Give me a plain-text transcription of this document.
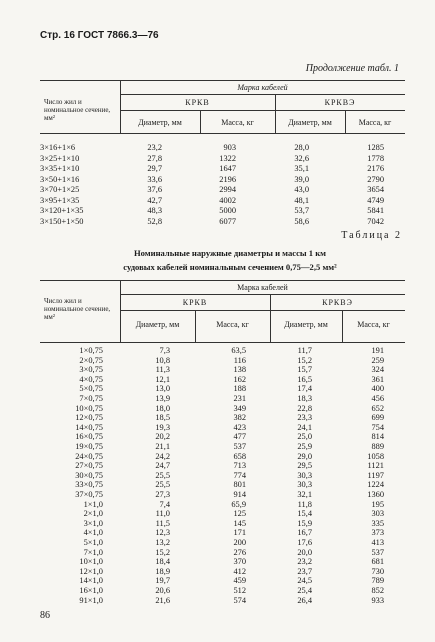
Стр. 16 ГОСТ 7866.3—76
Продолжение табл. 1
Число жил и номинальное сечение, мм²
Марка кабелей
КРКВ	КРКВЭ
Диаметр, мм	Масса, кг	Диаметр, мм	Масса, кг
3×16+1×6	23,2	903	28,0	1285
3×25+1×10	27,8	1322	32,6	1778
3×35+1×10	29,7	1647	35,1	2176
3×50+1×16	33,6	2196	39,0	2790
3×70+1×25	37,6	2994	43,0	3654
3×95+1×35	42,7	4002	48,1	4749
3×120+1×35	48,3	5000	53,7	5841
3×150+1×50	52,8	6077	58,6	7042
Таблица 2
Номинальные наружные диаметры и массы 1 км
судовых кабелей номинальным сечением 0,75—2,5 мм²
Число жил и номинальное сечение, мм²
Марка кабелей
КРКВ	КРКВЭ
Диаметр, мм	Масса, кг	Диаметр, мм	Масса, кг
1×0,75	7,3	63,5	11,7	191
2×0,75	10,8	116	15,2	259
3×0,75	11,3	138	15,7	324
4×0,75	12,1	162	16,5	361
5×0,75	13,0	188	17,4	400
7×0,75	13,9	231	18,3	456
10×0,75	18,0	349	22,8	652
12×0,75	18,5	382	23,3	699
14×0,75	19,3	423	24,1	754
16×0,75	20,2	477	25,0	814
19×0,75	21,1	537	25,9	889
24×0,75	24,2	658	29,0	1058
27×0,75	24,7	713	29,5	1121
30×0,75	25,5	774	30,3	1197
33×0,75	25,5	801	30,3	1224
37×0,75	27,3	914	32,1	1360
1×1,0	7,4	65,9	11,8	195
2×1,0	11,0	125	15,4	303
3×1,0	11,5	145	15,9	335
4×1,0	12,3	171	16,7	373
5×1,0	13,2	200	17,6	413
7×1,0	15,2	276	20,0	537
10×1,0	18,4	370	23,2	681
12×1,0	18,9	412	23,7	730
14×1,0	19,7	459	24,5	789
16×1,0	20,6	512	25,4	852
91×1,0	21,6	574	26,4	933
86
